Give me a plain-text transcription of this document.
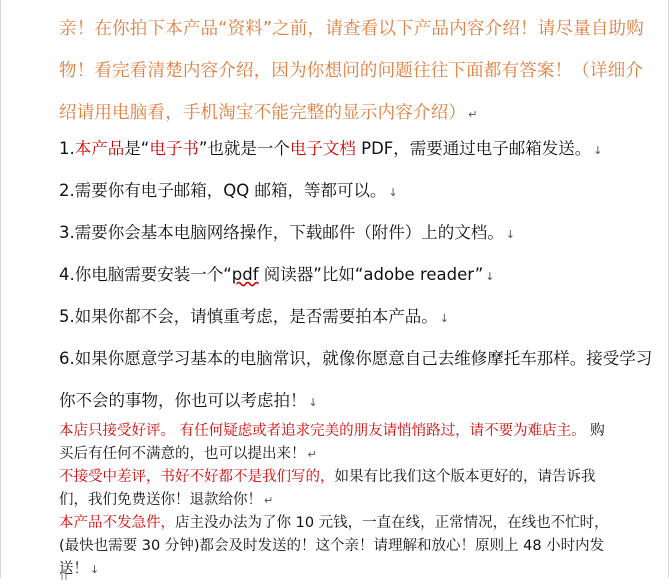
亲！在你拍下本产品“资料”之前，请查看以下产品内容介绍！请尽量自助购物！看完看清楚内容介绍，因为你想问的问题往往下面都有答案！（详细介绍请用电脑看，手机淘宝不能完整的显示内容介绍） ↵
1.本产品是“电子书”也就是一个电子文档 PDF，需要通过电子邮箱发送。 ↓
2.需要你有电子邮箱，QQ 邮箱，等都可以。 ↓
3.需要你会基本电脑网络操作，下载邮件（附件）上的文档。 ↓
4.你电脑需要安装一个“pdf 阅读器”比如“adobe reader” ↓
5.如果你都不会，请慎重考虑，是否需要拍本产品。 ↓
6.如果你愿意学习基本的电脑常识，就像你愿意自己去维修摩托车那样。接受学习你不会的事物，你也可以考虑拍！ ↓

本店只接受好评。 有任何疑虑或者追求完美的朋友请悄悄路过，请不要为难店主。 购买后有任何不满意的，也可以提出来！ ↵

不接受中差评，书好不好都不是我们写的，如果有比我们这个版本更好的，请告诉我们，我们免费送你！退款给你！ ↵

本产品不发急件，店主没办法为了你 10 元钱，一直在线，正常情况，在线也不忙时，(最快也需要 30 分钟)都会及时发送的！这个亲！请理解和放心！原则上 48 小时内发送！ ↓
